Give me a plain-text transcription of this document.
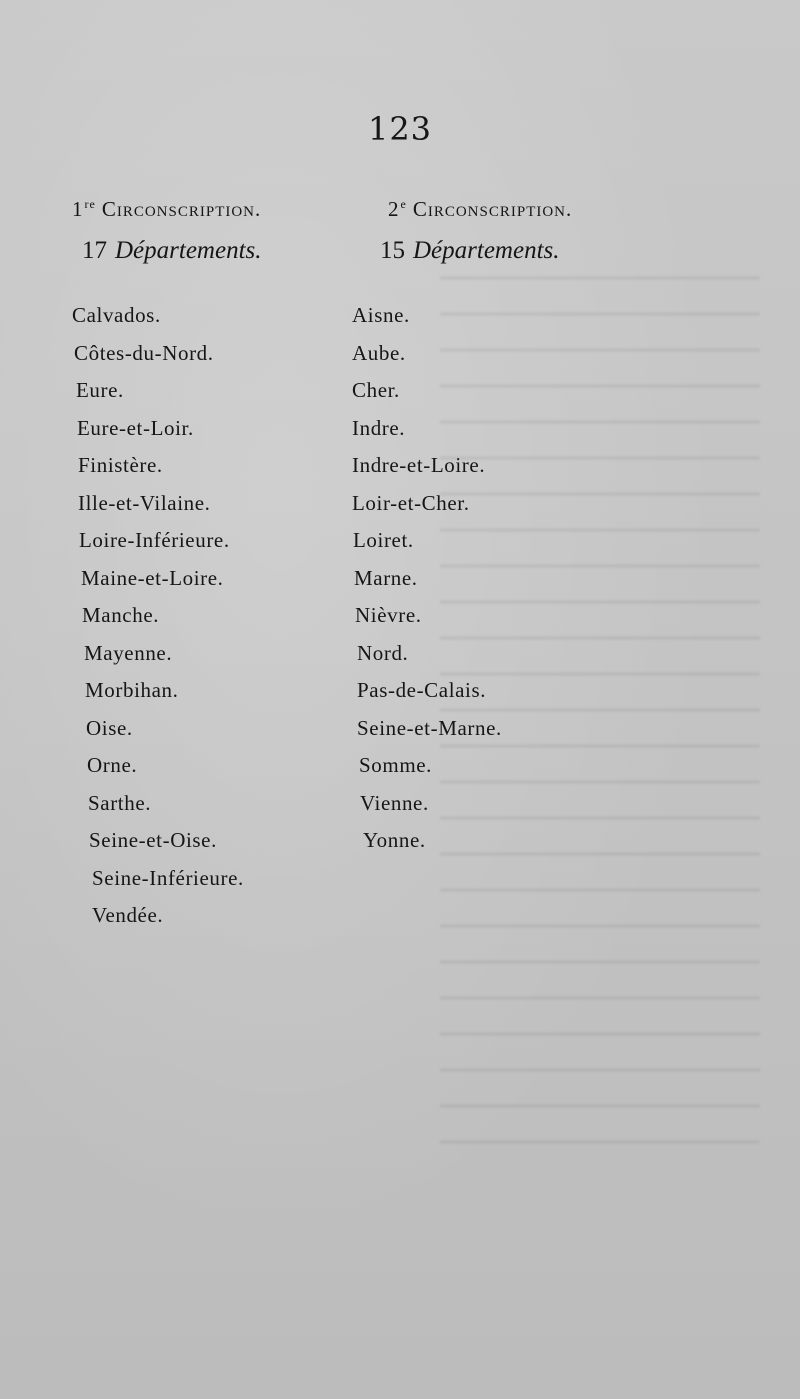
123
1re Circonscription.
17 Départements.
Calvados.
Côtes-du-Nord.
Eure.
Eure-et-Loir.
Finistère.
Ille-et-Vilaine.
Loire-Inférieure.
Maine-et-Loire.
Manche.
Mayenne.
Morbihan.
Oise.
Orne.
Sarthe.
Seine-et-Oise.
Seine-Inférieure.
Vendée.
2e Circonscription.
15 Départements.
Aisne.
Aube.
Cher.
Indre.
Indre-et-Loire.
Loir-et-Cher.
Loiret.
Marne.
Nièvre.
Nord.
Pas-de-Calais.
Seine-et-Marne.
Somme.
Vienne.
Yonne.
